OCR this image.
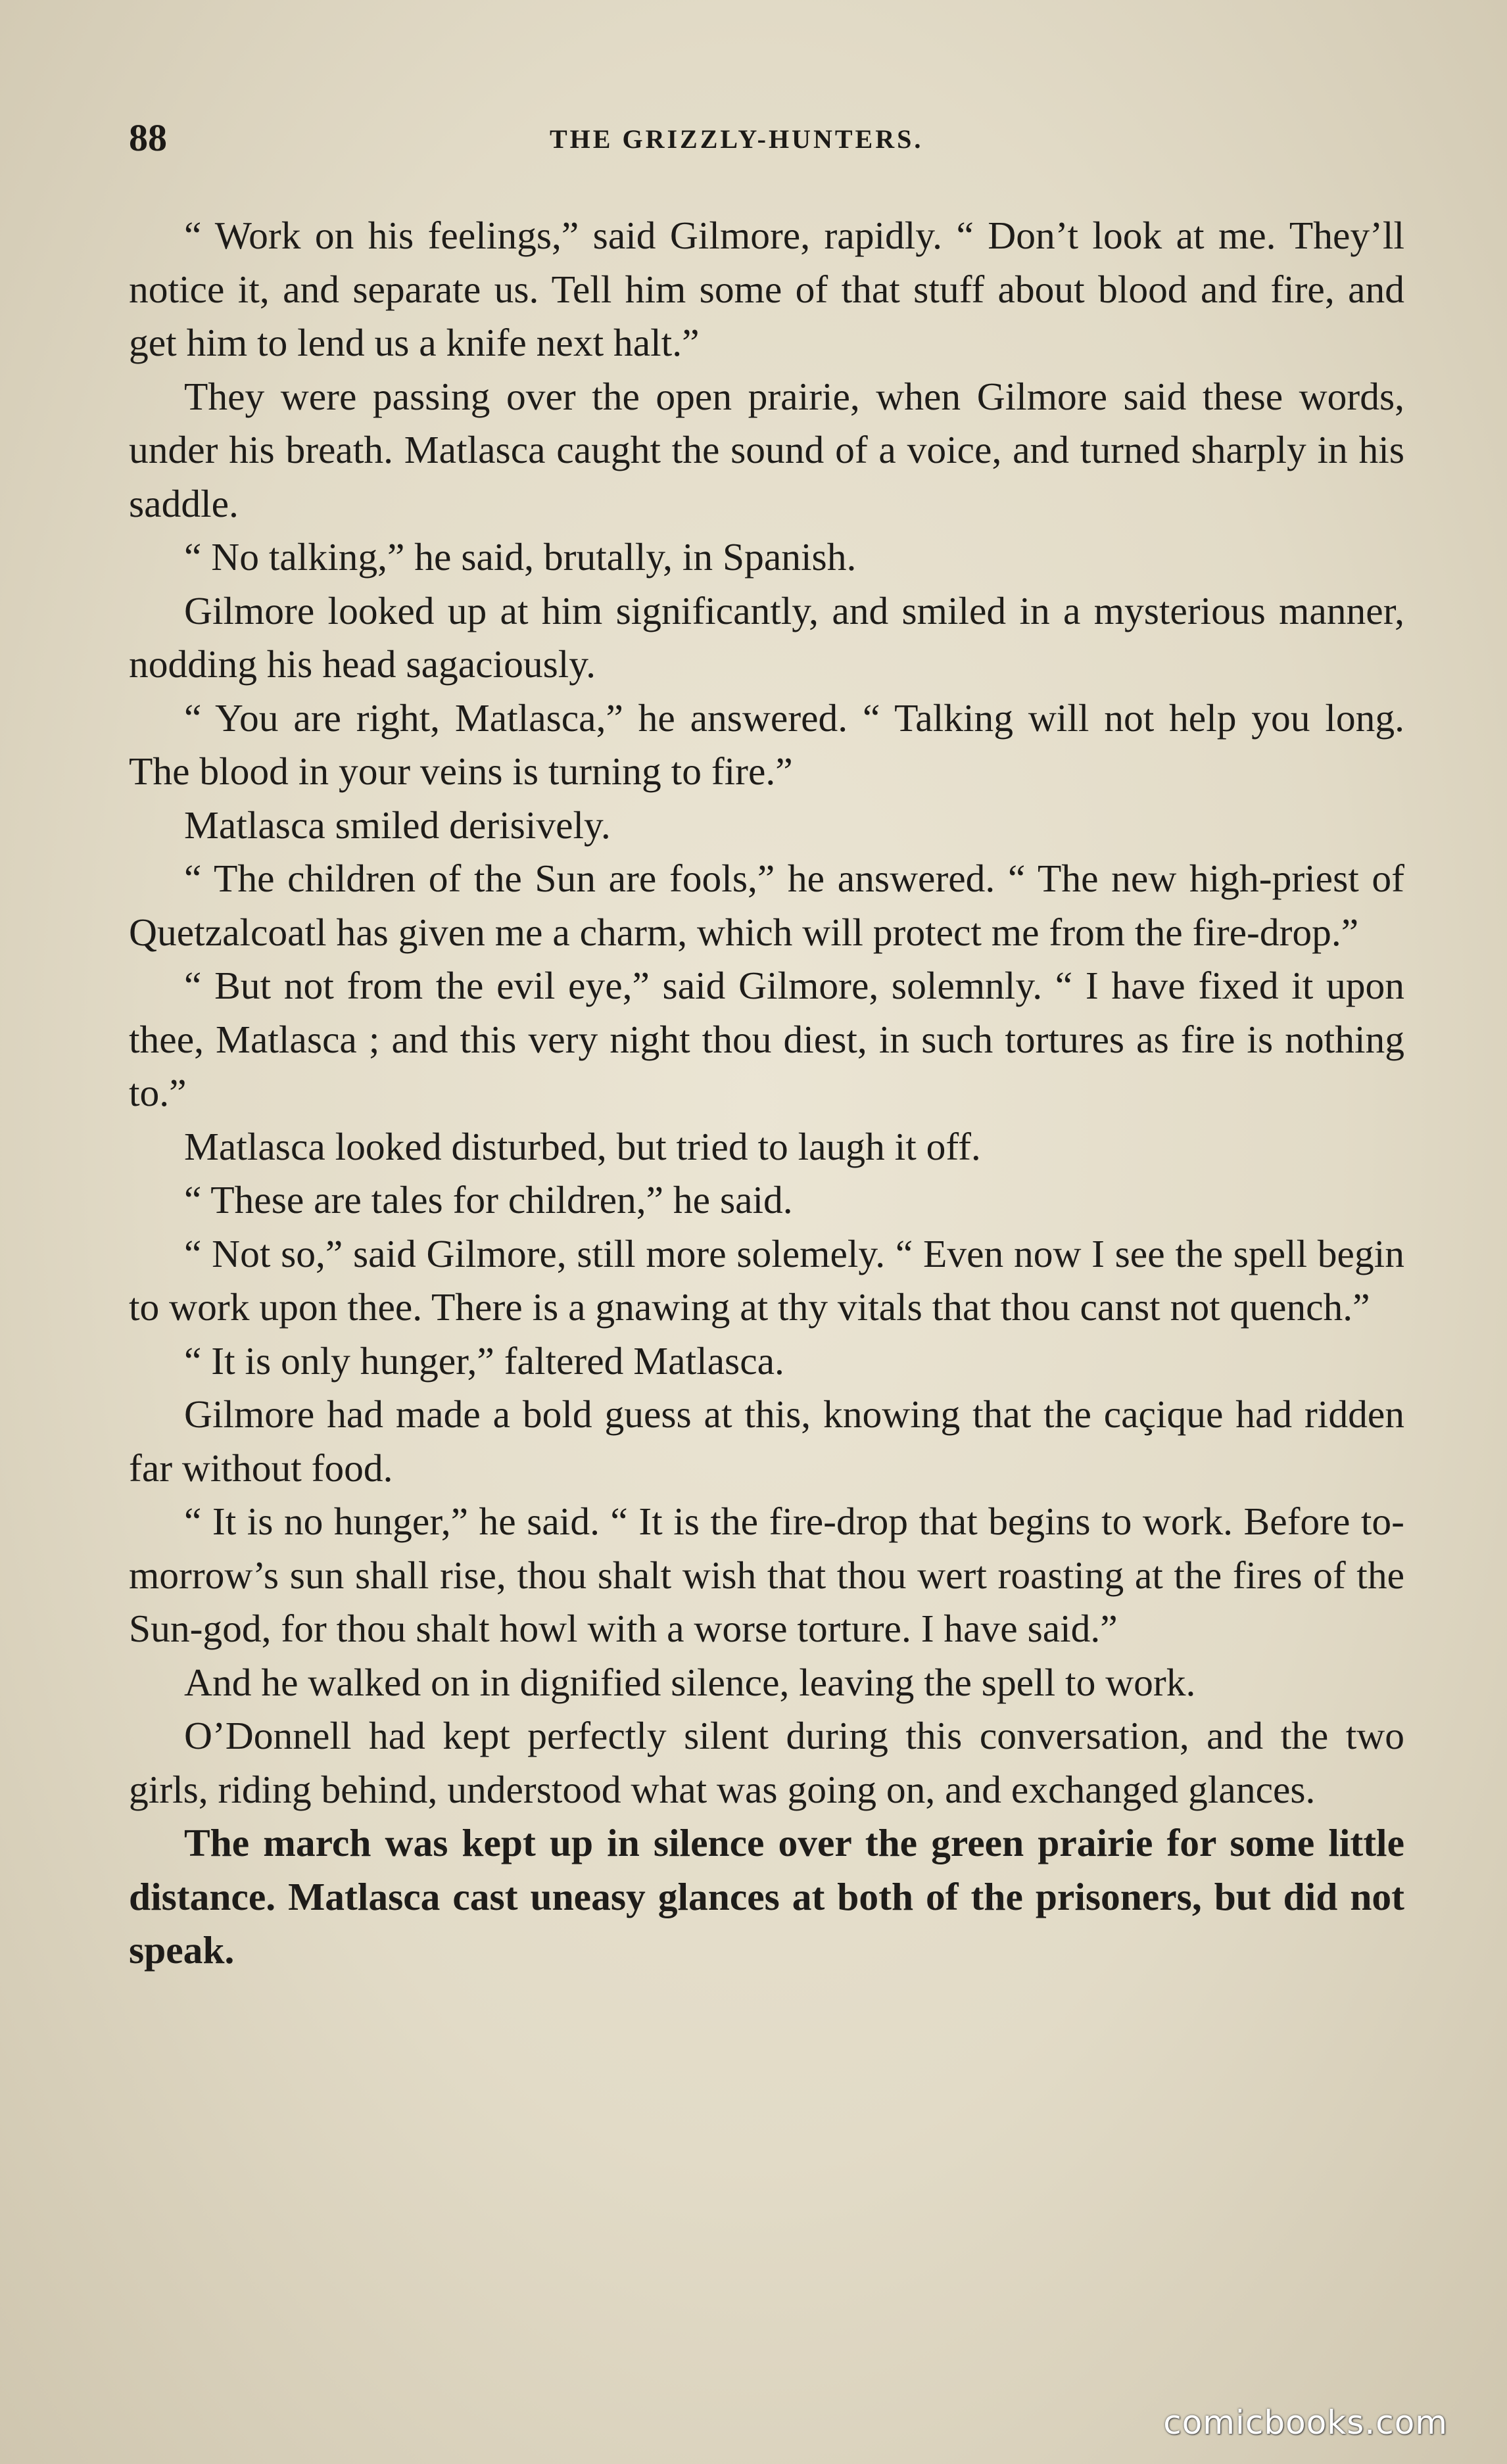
88	THE GRIZZLY-HUNTERS.

“ Work on his feelings,” said Gilmore, rapidly. “ Don’t look at me. They’ll notice it, and separate us. Tell him some of that stuff about blood and fire, and get him to lend us a knife next halt.”

They were passing over the open prairie, when Gilmore said these words, under his breath. Matlasca caught the sound of a voice, and turned sharply in his saddle.

“ No talking,” he said, brutally, in Spanish.

Gilmore looked up at him significantly, and smiled in a mysterious manner, nodding his head sagaciously.

“ You are right, Matlasca,” he answered. “ Talking will not help you long. The blood in your veins is turning to fire.”

Matlasca smiled derisively.

“ The children of the Sun are fools,” he answered. “ The new high-priest of Quetzalcoatl has given me a charm, which will protect me from the fire-drop.”

“ But not from the evil eye,” said Gilmore, solemnly. “ I have fixed it upon thee, Matlasca ; and this very night thou diest, in such tortures as fire is nothing to.”

Matlasca looked disturbed, but tried to laugh it off.

“ These are tales for children,” he said.

“ Not so,” said Gilmore, still more solemely. “ Even now I see the spell begin to work upon thee. There is a gnawing at thy vitals that thou canst not quench.”

“ It is only hunger,” faltered Matlasca.

Gilmore had made a bold guess at this, knowing that the caçique had ridden far without food.

“ It is no hunger,” he said. “ It is the fire-drop that begins to work. Before to-morrow’s sun shall rise, thou shalt wish that thou wert roasting at the fires of the Sun-god, for thou shalt howl with a worse torture. I have said.”

And he walked on in dignified silence, leaving the spell to work.

O’Donnell had kept perfectly silent during this conversation, and the two girls, riding behind, understood what was going on, and exchanged glances.

The march was kept up in silence over the green prairie for some little distance. Matlasca cast uneasy glances at both of the prisoners, but did not speak.

comicbooks.com
